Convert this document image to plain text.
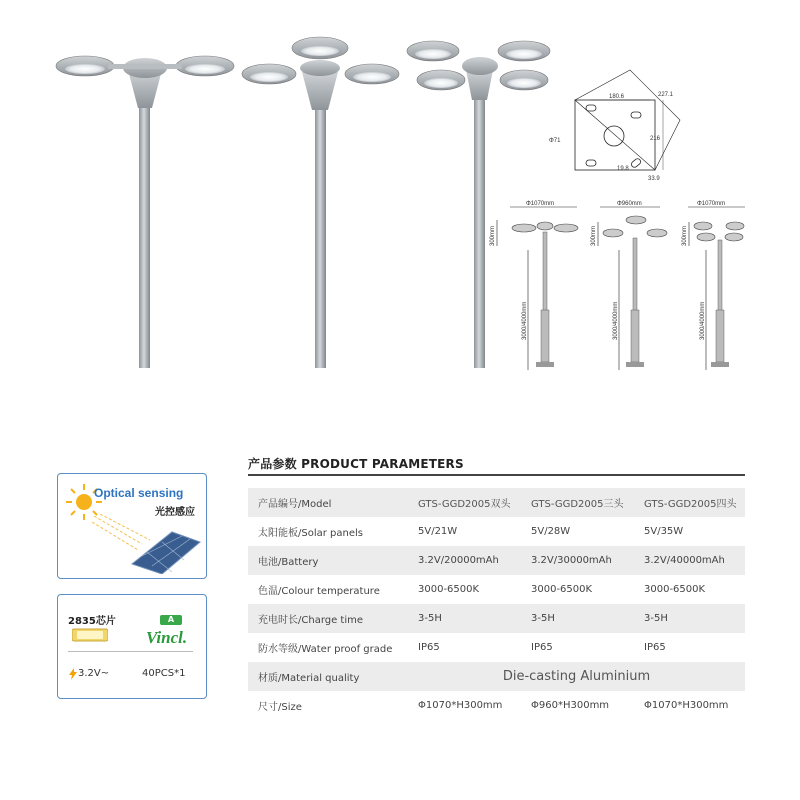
180.6	227.1
216
Φ71
19.8
33.9
Φ1070mm
300mm
3000/4000mm
Φ960mm
300mm
3000/4000mm
Φ1070mm
300mm
3000/4000mm
Optical sensing
光控感应
2835芯片	A
Vincl.
3.2V~	40PCS*1
产品参数 PRODUCT PARAMETERS
产品编号/Model	GTS-GGD2005双头	GTS-GGD2005三头	GTS-GGD2005四头
太阳能板/Solar panels	5V/21W	5V/28W	5V/35W
电池/Battery	3.2V/20000mAh	3.2V/30000mAh	3.2V/40000mAh
色温/Colour temperature	3000-6500K	3000-6500K	3000-6500K
充电时长/Charge time	3-5H	3-5H	3-5H
防水等级/Water proof grade	IP65	IP65	IP65
材质/Material quality	Die-casting Aluminium		
尺寸/Size	Φ1070*H300mm	Φ960*H300mm	Φ1070*H300mm
